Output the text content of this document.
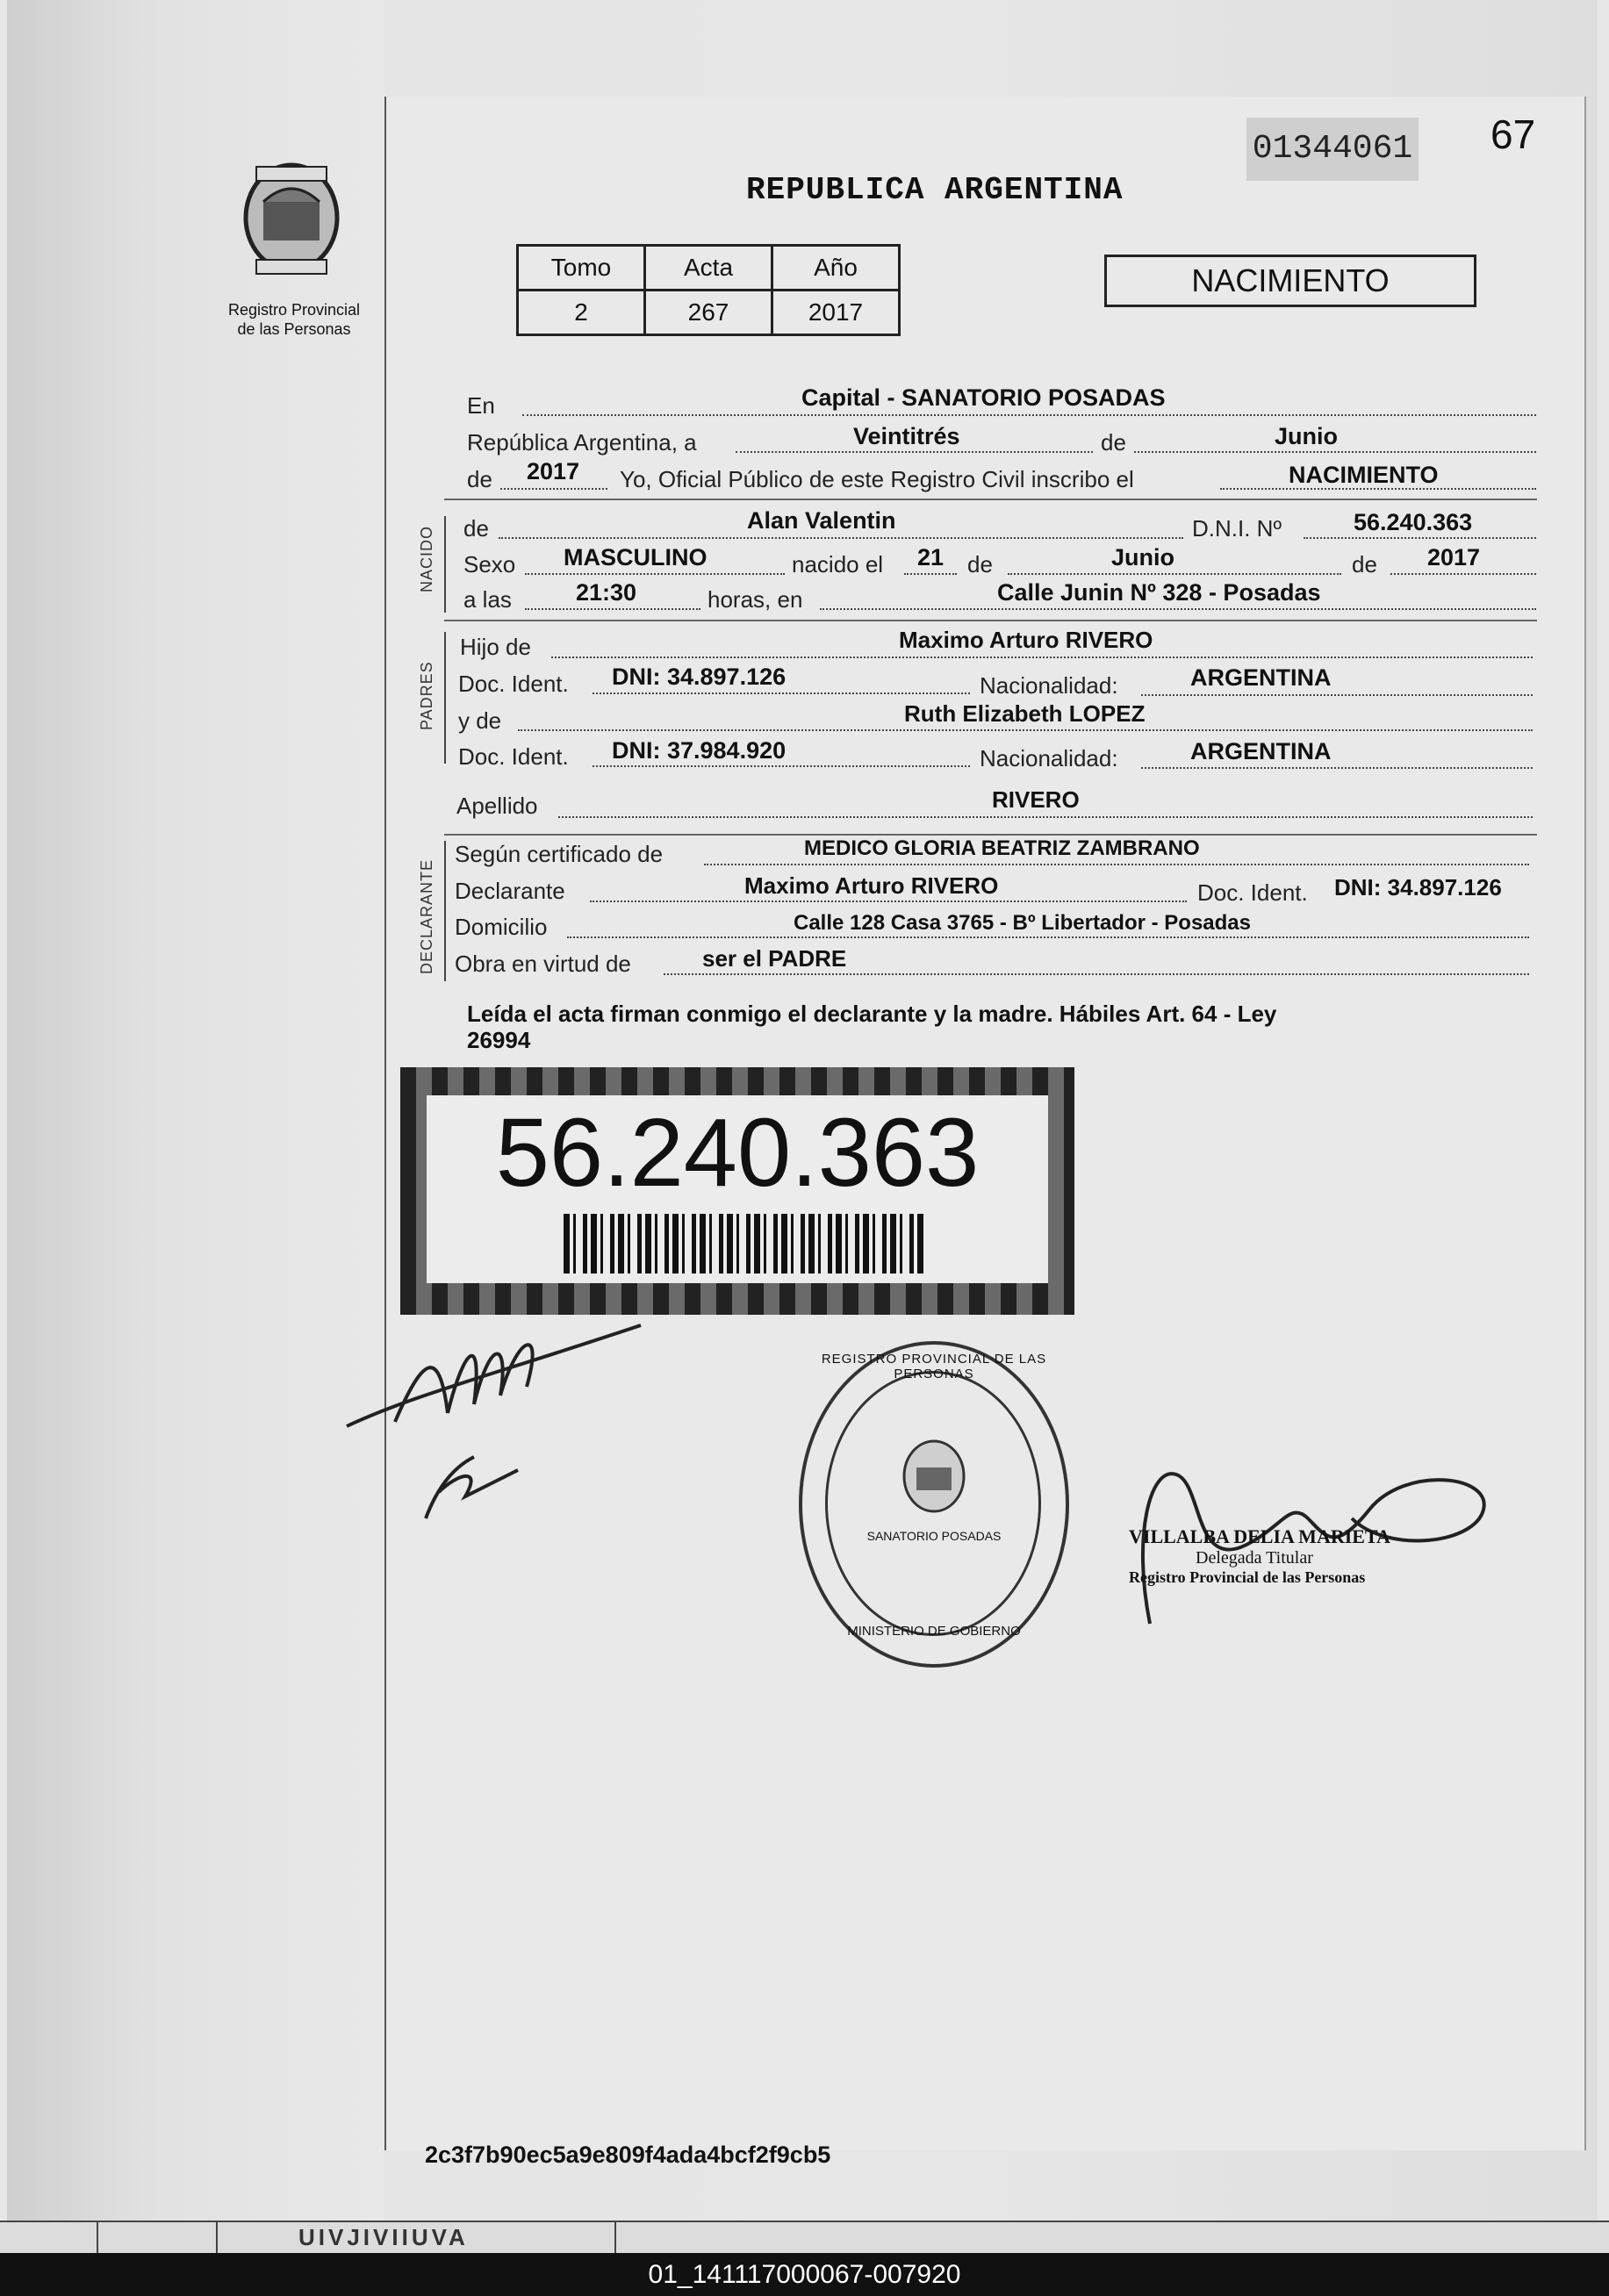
Registro Provincial
de las Personas
REPUBLICA ARGENTINA
01344061 67
Tomo	Acta	Año
2	267	2017
NACIMIENTO
NACIDO
PADRES
DECLARANTE
En	Capital - SANATORIO POSADAS
República Argentina, a	Veintitrés	de	Junio
de 2017 Yo, Oficial Público de este Registro Civil inscribo el	NACIMIENTO
de	Alan Valentin	D.N.I. Nº	56.240.363
Sexo MASCULINO	nacido el 21 de	Junio	de 2017
a las	21:30	horas, en	Calle Junin Nº 328 - Posadas
Hijo de	Maximo Arturo RIVERO
Doc. Ident. DNI: 34.897.126	Nacionalidad:	ARGENTINA
y de	Ruth Elizabeth LOPEZ
Doc. Ident. DNI: 37.984.920	Nacionalidad:	ARGENTINA
Apellido	RIVERO
Según certificado de	MEDICO GLORIA BEATRIZ ZAMBRANO
Declarante	Maximo Arturo RIVERO	Doc. Ident. DNI: 34.897.126
Domicilio	Calle 128 Casa 3765 - Bº Libertador - Posadas
Obra en virtud de	ser el PADRE
Leída el acta firman conmigo el declarante y la madre. Hábiles Art. 64 - Ley
26994
56.240.363
REGISTRO PROVINCIAL DE LAS PERSONAS
SANATORIO POSADAS
MINISTERIO DE GOBIERNO
VILLALBA DELIA MARIETA
Delegada Titular
Registro Provincial de las Personas
2c3f7b90ec5a9e809f4ada4bcf2f9cb5
UIVJIVIIUVA
01_141117000067-007920
